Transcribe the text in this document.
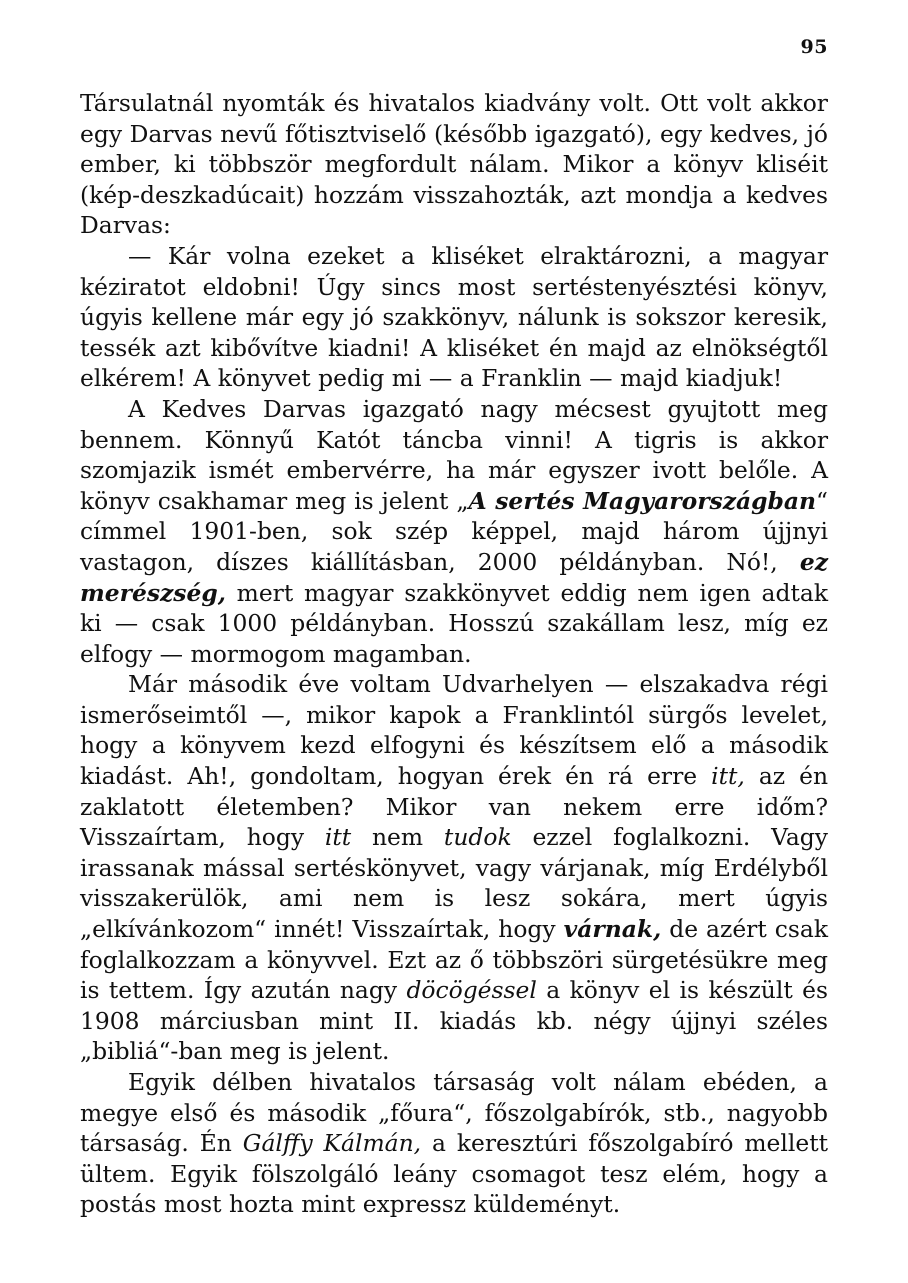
95

Társulatnál nyomták és hivatalos kiadvány volt. Ott volt akkor egy Darvas nevű főtisztviselő (később igazgató), egy kedves, jó ember, ki többször megfordult nálam. Mikor a könyv kliséit (kép-deszkadúcait) hozzám visszahozták, azt mondja a kedves Darvas:

— Kár volna ezeket a kliséket elraktározni, a magyar kéziratot eldobni! Úgy sincs most sertéstenyésztési könyv, úgyis kellene már egy jó szakkönyv, nálunk is sokszor keresik, tessék azt kibővítve kiadni! A kliséket én majd az elnökségtől elkérem! A könyvet pedig mi — a Franklin — majd kiadjuk!

A Kedves Darvas igazgató nagy mécsest gyujtott meg bennem. Könnyű Katót táncba vinni! A tigris is akkor szomjazik ismét embervérre, ha már egyszer ivott belőle. A könyv csakhamar meg is jelent „A sertés Magyarországban“ címmel 1901-ben, sok szép képpel, majd három újjnyi vastagon, díszes kiállításban, 2000 példányban. Nó!, ez merészség, mert magyar szakkönyvet eddig nem igen adtak ki — csak 1000 példányban. Hosszú szakállam lesz, míg ez elfogy — mormogom magamban.

Már második éve voltam Udvarhelyen — elszakadva régi ismerőseimtől —, mikor kapok a Franklintól sürgős levelet, hogy a könyvem kezd elfogyni és készítsem elő a második kiadást. Ah!, gondoltam, hogyan érek én rá erre itt, az én zaklatott életemben? Mikor van nekem erre időm? Visszaírtam, hogy itt nem tudok ezzel foglalkozni. Vagy irassanak mással sertéskönyvet, vagy várjanak, míg Erdélyből visszakerülök, ami nem is lesz sokára, mert úgyis „elkívánkozom“ innét! Visszaírtak, hogy várnak, de azért csak foglalkozzam a könyvvel. Ezt az ő többszöri sürgetésükre meg is tettem. Így azután nagy döcögéssel a könyv el is készült és 1908 márciusban mint II. kiadás kb. négy újjnyi széles „bibliá“-ban meg is jelent.

Egyik délben hivatalos társaság volt nálam ebéden, a megye első és második „főura“, főszolgabírók, stb., nagyobb társaság. Én Gálffy Kálmán, a keresztúri főszolgabíró mellett ültem. Egyik fölszolgáló leány csomagot tesz elém, hogy a postás most hozta mint expressz küldeményt.
